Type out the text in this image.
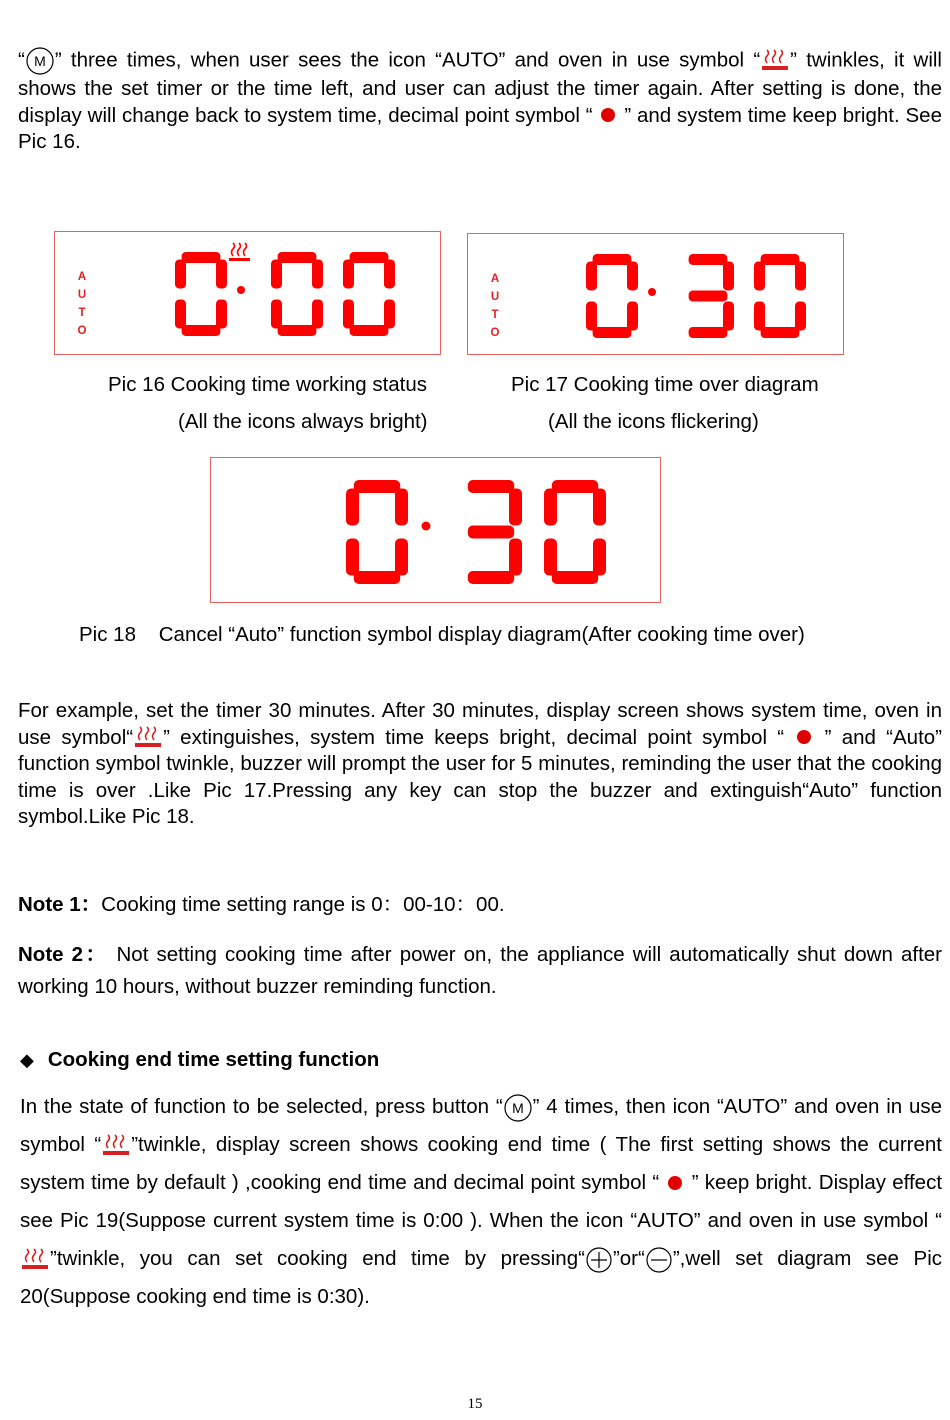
“ M ” three times, when user sees the icon “AUTO” and oven in use symbol “ ” twinkles, it will shows the set timer or the time left, and user can adjust the timer again. After setting is done, the display will change back to system time, decimal point symbol “
” and system time keep bright. See Pic 16.

A
U
T
O
A
U
T
O
Pic 16 Cooking time working status
(All the icons always bright)
Pic 17 Cooking time over diagram
(All the icons flickering)
Pic 18    Cancel “Auto” function symbol display diagram(After cooking time over)

For example, set the timer 30 minutes. After 30 minutes, display screen shows system time, oven in use symbol“ ” extinguishes, system time keeps bright, decimal point symbol “
” and “Auto” function symbol twinkle, buzzer will prompt the user for 5 minutes, reminding the user that the cooking time is over .Like Pic 17.Pressing any key can stop the buzzer and extinguish“Auto” function symbol.Like Pic 18.

Note 1：Cooking time setting range is 0：00-10：00.

Note 2： Not setting cooking time after power on, the appliance will automatically shut down after working 10 hours, without buzzer reminding function.

◆ Cooking end time setting function

In the state of function to be selected, press button “ M ” 4 times, then icon “AUTO” and oven in use symbol “ ”twinkle, display screen shows cooking end time ( The first setting shows the current system time by default ) ,cooking end time and decimal point symbol “
” keep bright. Display effect see Pic 19(Suppose current system time is 0:00 ). When the icon “AUTO” and oven in use symbol “
”twinkle, you can set cooking end time by pressing“ ”or“ ”,well set diagram see Pic 20(Suppose cooking end time is 0:30).

15
